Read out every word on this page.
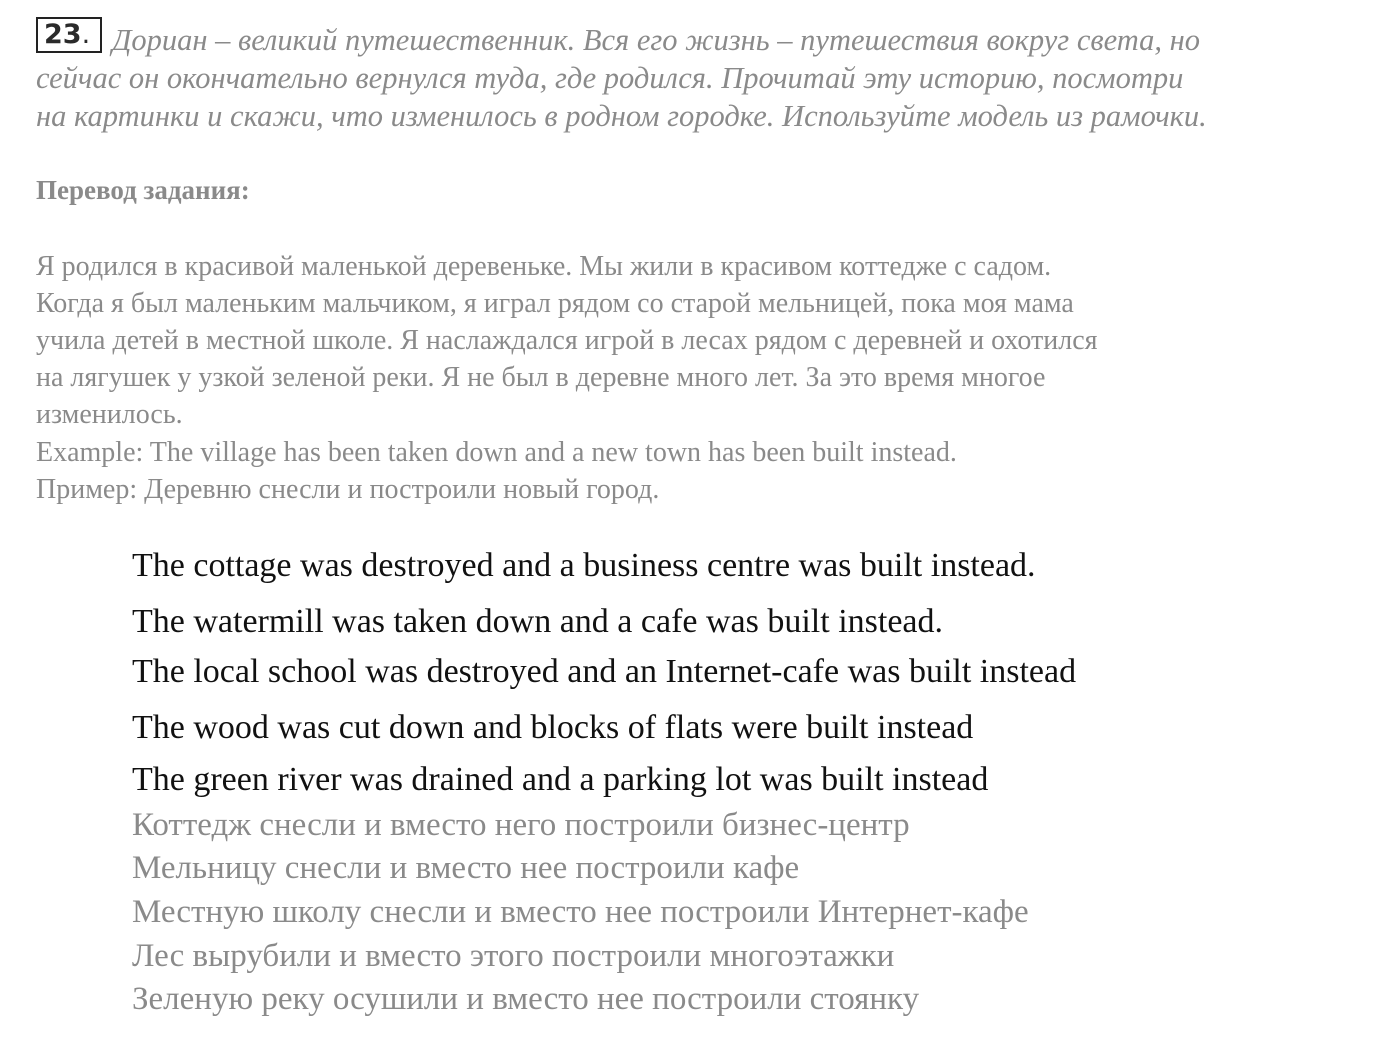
23. Дориан – великий путешественник. Вся его жизнь – путешествия вокруг света, но
сейчас он окончательно вернулся туда, где родился. Прочитай эту историю, посмотри
на картинки и скажи, что изменилось в родном городке. Используйте модель из рамочки.
Перевод задания:
Я родился в красивой маленькой деревеньке. Мы жили в красивом коттедже с садом.
Когда я был маленьким мальчиком, я играл рядом со старой мельницей, пока моя мама
учила детей в местной школе. Я наслаждался игрой в лесах рядом с деревней и охотился
на лягушек у узкой зеленой реки. Я не был в деревне много лет. За это время многое
изменилось.
Example: The village has been taken down and a new town has been built instead.
Пример: Деревню снесли и построили новый город.
The cottage was destroyed and a business centre was built instead.
The watermill was taken down and a cafe was built instead.
The local school was destroyed and an Internet-cafe was built instead
The wood was cut down and blocks of flats were built instead
The green river was drained and a parking lot was built instead
Коттедж снесли и вместо него построили бизнес-центр
Мельницу снесли и вместо нее построили кафе
Местную школу снесли и вместо нее построили Интернет-кафе
Лес вырубили и вместо этого построили многоэтажки
Зеленую реку осушили и вместо нее построили стоянку
